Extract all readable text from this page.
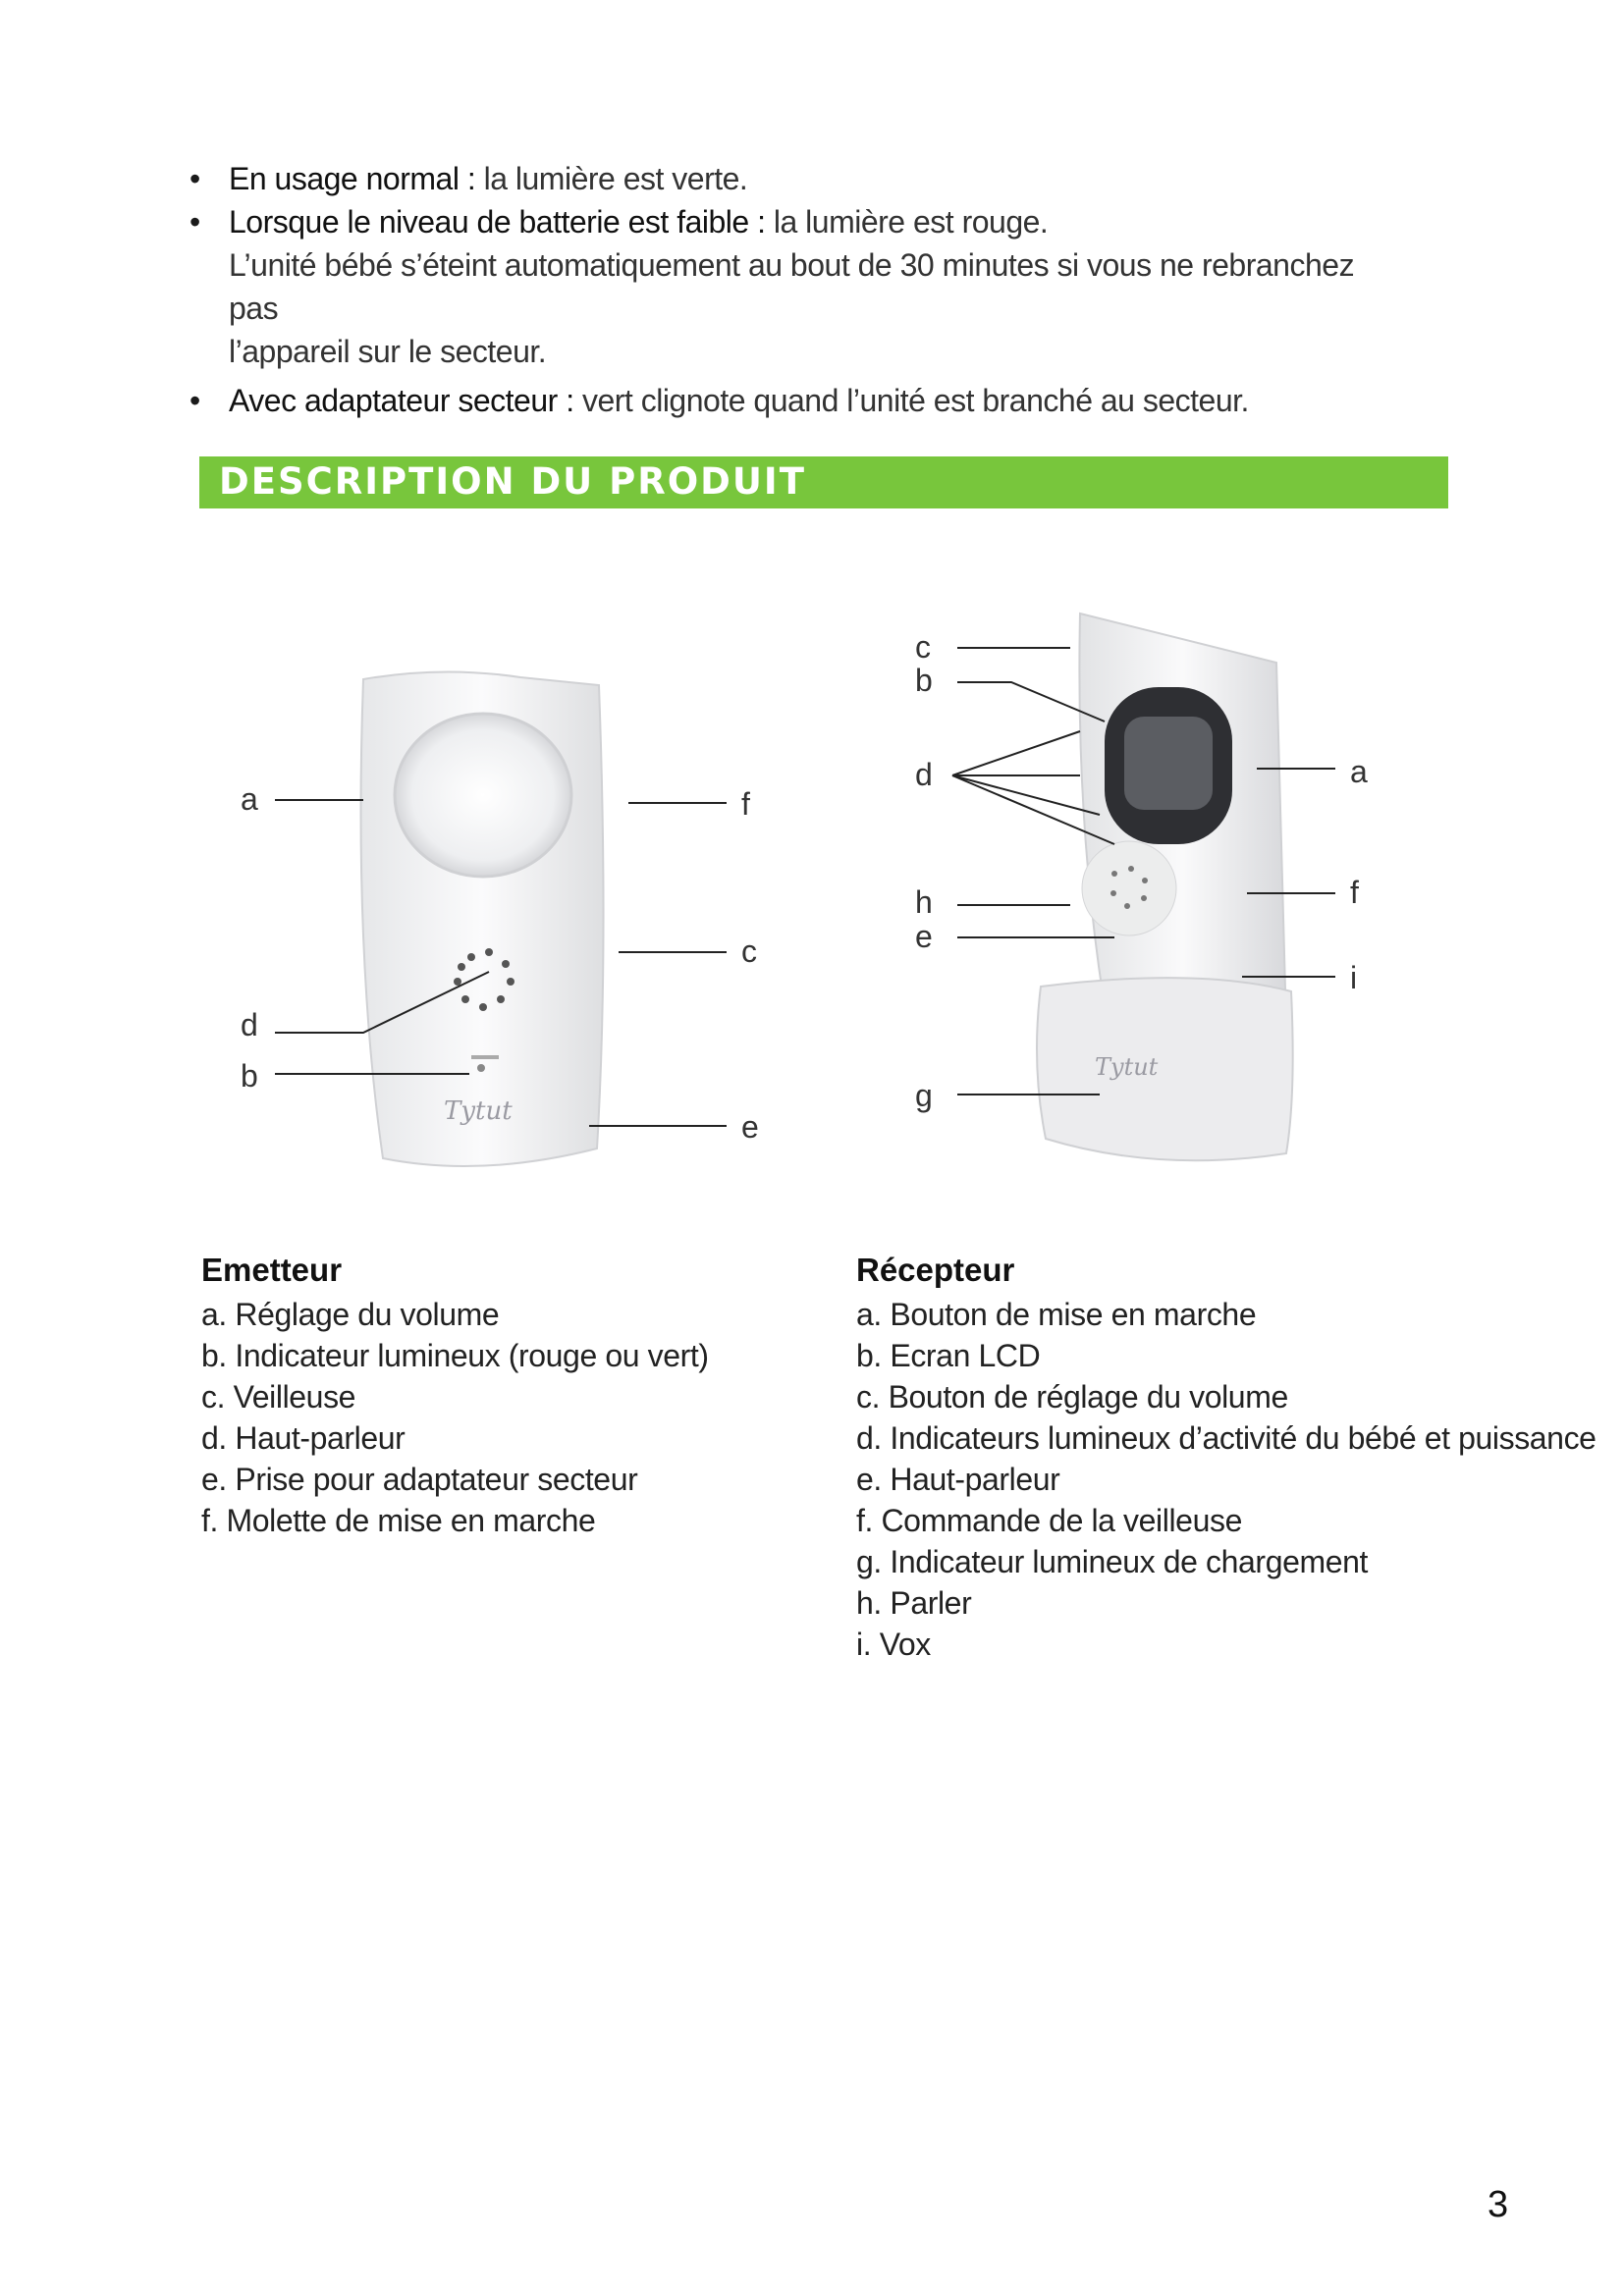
• En usage normal : la lumière est verte.
• Lorsque le niveau de batterie est faible : la lumière est rouge.
L’unité bébé s’éteint automatiquement au bout de 30 minutes si vous ne rebranchez pas
l’appareil sur le secteur.
• Avec adaptateur secteur : vert clignote quand l’unité est branché au secteur.
DESCRIPTION DU PRODUIT
Tytut
a	f
c
d
b
e
Tytut
c
b
d	a
h	f
e
i
g
Emetteur
a. Réglage du volume
b. Indicateur lumineux (rouge ou vert)
c. Veilleuse
d. Haut-parleur
e. Prise pour adaptateur secteur
f. Molette de mise en marche
Récepteur
a. Bouton de mise en marche
b. Ecran LCD
c. Bouton de réglage du volume
d. Indicateurs lumineux d’activité du bébé et puissance
e. Haut-parleur
f. Commande de la veilleuse
g. Indicateur lumineux de chargement
h. Parler
i. Vox
3
